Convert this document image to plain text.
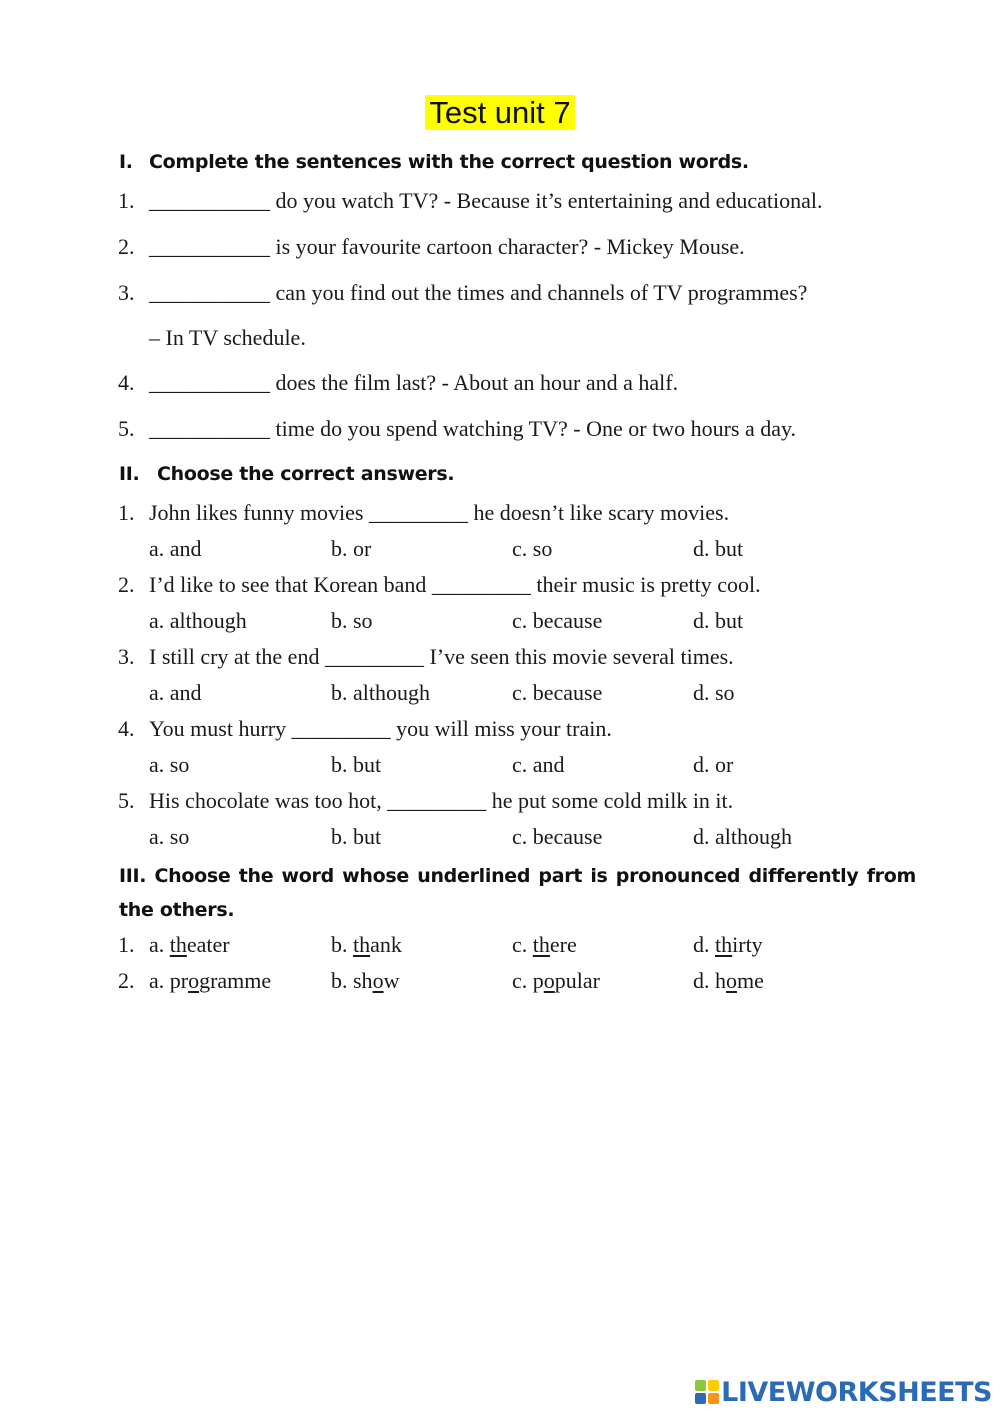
Test unit 7
I. Complete the sentences with the correct question words.
1. ___________ do you watch TV? - Because it’s entertaining and educational.
2. ___________ is your favourite cartoon character? - Mickey Mouse.
3. ___________ can you find out the times and channels of TV programmes?
– In TV schedule.
4. ___________ does the film last? - About an hour and a half.
5. ___________ time do you spend watching TV? - One or two hours a day.
II. Choose the correct answers.
1. John likes funny movies _________ he doesn’t like scary movies.
a. and	b. or	c. so	d. but
2. I’d like to see that Korean band _________ their music is pretty cool.
a. although	b. so	c. because	d. but
3. I still cry at the end _________ I’ve seen this movie several times.
a. and	b. although	c. because	d. so
4. You must hurry _________ you will miss your train.
a. so	b. but	c. and	d. or
5. His chocolate was too hot, _________ he put some cold milk in it.
a. so	b. but	c. because	d. although
III. Choose the word whose underlined part is pronounced differently from the others.
1. a. theater	b. thank	c. there	d. thirty
2. a. programme	b. show	c. popular	d. home
LIVEWORKSHEETS
